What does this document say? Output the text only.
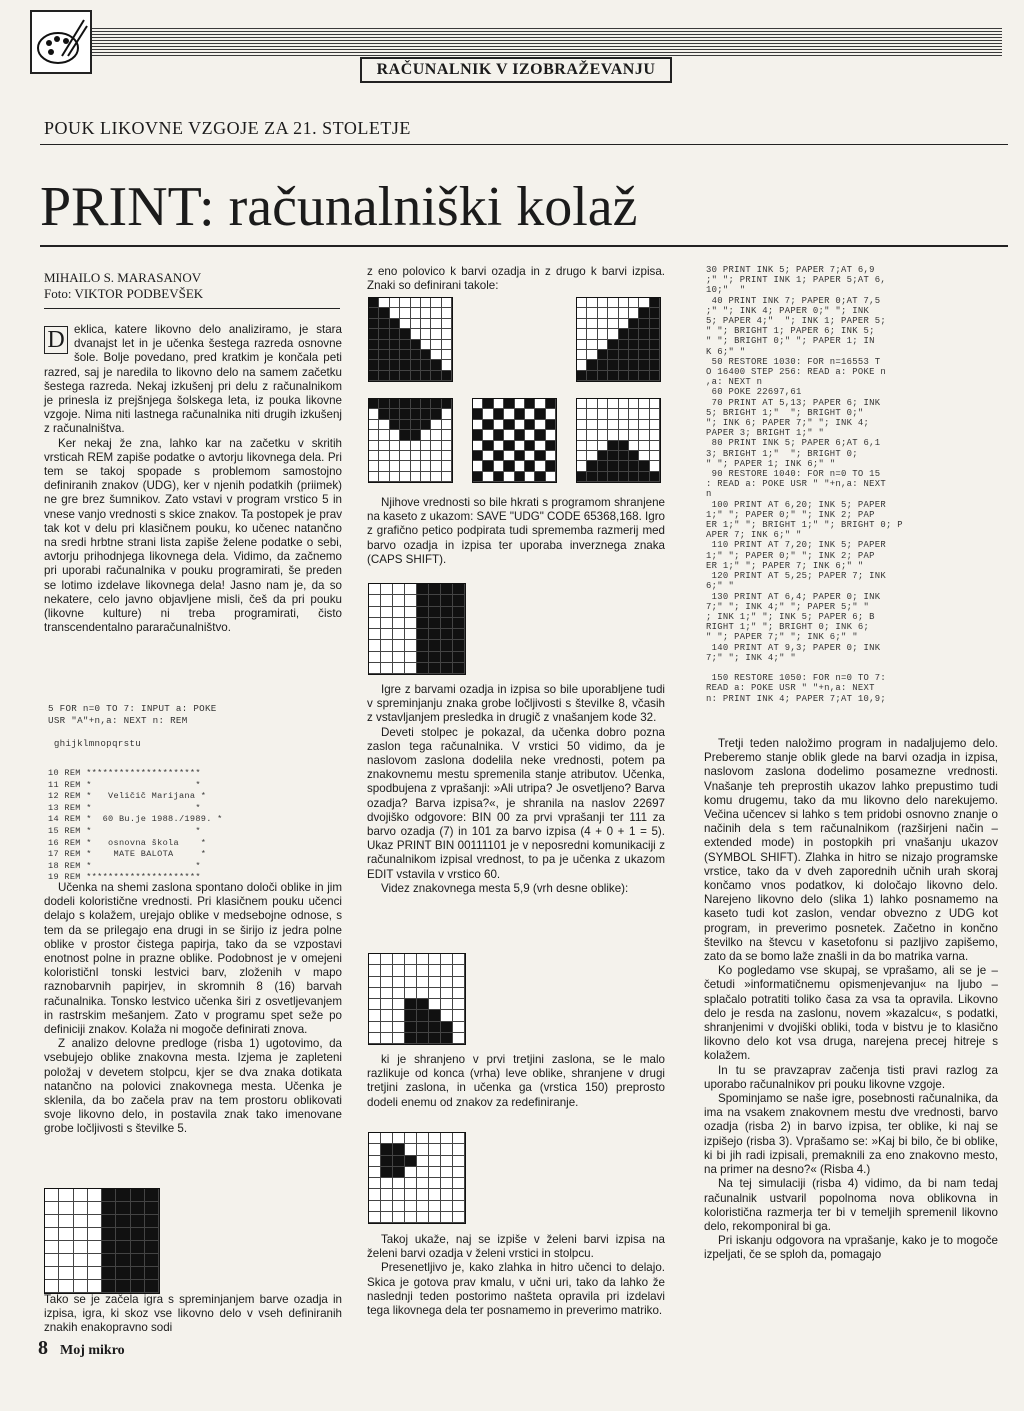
RAČUNALNIK V IZOBRAŽEVANJU
POUK LIKOVNE VZGOJE ZA 21. STOLETJE
PRINT: računalniški kolaž
MIHAILO S. MARASANOV
Foto: VIKTOR PODBEVŠEK
D eklica, katere likovno delo analiziramo, je stara dvanajst let in je učenka šestega razreda osnovne šole. Bolje povedano, pred kratkim je končala peti razred, saj je naredila to likovno delo na samem začetku šestega razreda. Nekaj izkušenj pri delu z računalnikom je prinesla iz prejšnjega šolskega leta, iz pouka likovne vzgoje. Nima niti lastnega računalnika niti drugih izkušenj z računalništva.

Ker nekaj že zna, lahko kar na začetku v skritih vrsticah REM zapiše podatke o avtorju likovnega dela. Pri tem se takoj spopade s problemom samostojno definiranih znakov (UDG), ker v njenih podatkih (priimek) ne gre brez šumnikov. Zato vstavi v program vrstico 5 in vnese vanjo vrednosti s skice znakov. Ta postopek je prav tak kot v delu pri klasičnem pouku, ko učenec natančno na sredi hrbtne strani lista zapiše želene podatke o sebi, avtorju prihodnjega likovnega dela. Vidimo, da začnemo pri uporabi računalnika v pouku programirati, še preden se lotimo izdelave likovnega dela! Jasno nam je, da so nekatere, celo javno objavljene misli, češ da pri pouku (likovne kulture) ni treba programirati, čisto transcendentalno pararačunalništvo.

5 FOR n=0 TO 7: INPUT a: POKE
USR "A"+n,a: NEXT n: REM

ghijklmnopqrstu
10 REM *********************
11 REM *                   *
12 REM *   Veličič Marijana *
13 REM *                   *
14 REM *  60 Bu.je 1988./1989. *
15 REM *                   *
16 REM *   osnovna škola    *
17 REM *    MATE BALOTA     *
18 REM *                   *
19 REM *********************

Učenka na shemi zaslona spontano določi oblike in jim dodeli koloristične vrednosti. Pri klasičnem pouku učenci delajo s kolažem, urejajo oblike v medsebojne odnose, s tem da se prilegajo ena drugi in se širijo iz jedra polne oblike v prostor čistega papirja, tako da se vzpostavi enotnost polne in prazne oblike. Podobnost je v omejeni kolorističnI tonski lestvici barv, zloženih v mapo raznobarvnih papirjev, in skromnih 8 (16) barvah računalnika. Tonsko lestvico učenka širi z osvetljevanjem in rastrskim mešanjem. Zato v programu spet sežе po definiciji znakov. Kolaža ni mogoče definirati znova.

Z analizo delovne predloge (risba 1) ugotovimo, da vsebujejo oblike znakovna mesta. Izjema je zapleteni položaj v devetem stolpcu, kjer se dva znaka dotikata natančno na polovici znakovnega mesta. Učenka je sklenila, da bo začela prav na tem prostoru oblikovati svoje likovno delo, in postavila znak tako imenovane grobe ločljivosti s številke 5.

Tako se je začela igra s spreminjanjem barve ozadja in izpisa, igra, ki skoz vse likovno delo v vseh definiranih znakih enakopravno sodi

z eno polovico k barvi ozadja in z drugo k barvi izpisa. Znaki so definirani takole:

Njihove vrednosti so bile hkrati s programom shranjene na kaseto z ukazom: SAVE "UDG" CODE 65368,168. Igro z grafično petico podpirata tudi sprememba razmerij med barvo ozadja in izpisa ter uporaba inverznega znaka (CAPS SHIFT).

Igre z barvami ozadja in izpisa so bile uporabljene tudi v spreminjanju znaka grobe ločljivosti s števiIke 8, včasih z vstavljanjem presledka in drugič z vnašanjem kode 32.

Deveti stolpec je pokazal, da učenka dobro pozna zaslon tega računalnika. V vrstici 50 vidimo, da je naslovom zaslona dodelila nekе vrednosti, potem pa znakovnemu mestu spremenila stanje atributov. Učenka, spodbujena z vprašanji: »Ali utripa? Je osvetljeno? Barva ozadja? Barva izpisa?«, je shranila na naslov 22697 dvojiško odgovore: BIN 00 za prvi vprašanji ter 111 za barvo ozadja (7) in 101 za barvo izpisa (4 + 0 + 1 = 5). Ukaz PRINT BIN 00111101 je v neposredni komunikaciji z računalnikom izpisal vrednost, to pa je učenka z ukazom EDIT vstavila v vrstico 60.

Videz znakovnega mesta 5,9 (vrh desne oblike):

ki je shranjeno v prvi tretjini zaslona, se le malo razlikuje od konca (vrha) leve oblike, shranjene v drugi tretjini zaslona, in učenka ga (vrstica 150) preprosto dodeli enemu od znakov za redefiniranje.

Takoj ukaže, naj se izpiše v želeni barvi izpisa na želeni barvi ozadja v želeni vrstici in stolpcu.

Presenetljivo je, kako zlahka in hitro učenci to delajo. Skica je gotova prav kmalu, v učni uri, tako da lahko že naslednji teden postorimo našteta opravila pri izdelavi tega likovnega dela ter posnamemo in preverimo matriko.

30 PRINT INK 5; PAPER 7;AT 6,9
;" "; PRINT INK 1; PAPER 5;AT 6,
10;"  "
40 PRINT INK 7; PAPER 0;AT 7,5
;" "; INK 4; PAPER 0;" "; INK
5; PAPER 4;"  "; INK 1; PAPER 5;
" "; BRIGHT 1; PAPER 6; INK 5;
" "; BRIGHT 0;" "; PAPER 1; IN
K 6;" "
50 RESTORE 1030: FOR n=16553 T
O 16400 STEP 256: READ a: POKE n
,a: NEXT n
60 POKE 22697,61
70 PRINT AT 5,13; PAPER 6; INK
5; BRIGHT 1;"  "; BRIGHT 0;"
"; INK 6; PAPER 7;" "; INK 4;
PAPER 3; BRIGHT 1;" "
80 PRINT INK 5; PAPER 6;AT 6,1
3; BRIGHT 1;"  "; BRIGHT 0;
" "; PAPER 1; INK 6;" "
90 RESTORE 1040: FOR n=0 TO 15
: READ a: POKE USR " "+n,a: NEXT
n
100 PRINT AT 6,20; INK 5; PAPER
1;" "; PAPER 0;" "; INK 2; PAP
ER 1;" "; BRIGHT 1;" "; BRIGHT 0; P
APER 7; INK 6;" "
110 PRINT AT 7,20; INK 5; PAPER
1;" "; PAPER 0;" "; INK 2; PAP
ER 1;" "; PAPER 7; INK 6;" "
120 PRINT AT 5,25; PAPER 7; INK
6;" "
130 PRINT AT 6,4; PAPER 0; INK
7;" "; INK 4;" "; PAPER 5;" "
; INK 1;" "; INK 5; PAPER 6; B
RIGHT 1;" "; BRIGHT 0; INK 6;
" "; PAPER 7;" "; INK 6;" "
140 PRINT AT 9,3; PAPER 0; INK
7;" "; INK 4;" "

150 RESTORE 1050: FOR n=0 TO 7:
READ a: POKE USR " "+n,a: NEXT
n: PRINT INK 4; PAPER 7;AT 10,9;

Tretji teden naložimo program in nadaljujemo delo. Preberemo stanje oblik glede na barvi ozadja in izpisa, naslovom zaslona dodelimo posamezne vrednosti. Vnašanje teh preprostih ukazov lahko prepustimo tudi komu drugemu, tako da mu likovno delo narekujemo. Večina učencev si lahko s tem pridobi osnovno znanje o načinih dela s tem računalnikom (razširjeni način – extended mode) in postopkih pri vnašanju ukazov (SYMBOL SHIFT). Zlahka in hitro se nizajo programske vrstice, tako da v dveh zaporednih učnih urah skoraj končamo vnos podatkov, ki določajo likovno delo. Narejeno likovno delo (slika 1) lahko posnamemo na kaseto tudi kot zaslon, vendar obvezno z UDG kot program, in preverimo posnetek. Začetno in končno številko na števcu v kasetofonu si pazljivo zapišemo, zato da se bomo laže znašli in da bo matrika varna.

Ko pogledamo vse skupaj, se vprašamo, ali se je – četudi »informatičnemu opismenjevanju« na ljubo – splačalo potratiti toliko časa za vsa ta opravila. Likovno delo je resda na zaslonu, novem »kazalcu«, s podatki, shranjenimi v dvojiški obliki, toda v bistvu je to klasično likovno delo kot vsa druga, narejena precej hitreje s kolažem.

In tu se pravzaprav začenja tisti pravi razlog za uporabo računalnikov pri pouku likovne vzgoje.

Spominjamo se naše igre, posebnosti računalnika, da ima na vsakem znakovnem mestu dve vrednosti, barvo ozadja (risba 2) in barvo izpisa, ter oblike, ki naj se izpišejo (risba 3). Vprašamo se: »Kaj bi bilo, če bi oblike, ki bi jih radi izpisali, premaknili za eno znakovno mesto, na primer na desno?« (Risba 4.)

Na tej simulaciji (risba 4) vidimo, da bi nam tedaj računalnik ustvaril popolnoma nova oblikovna in koloristična razmerja ter bi v temeljih spremenil likovno delo, rekomponiral bi ga.

Pri iskanju odgovora na vprašanje, kako je to mogoče izpeljati, če se sploh da, pomagajo

8 Moj mikro
